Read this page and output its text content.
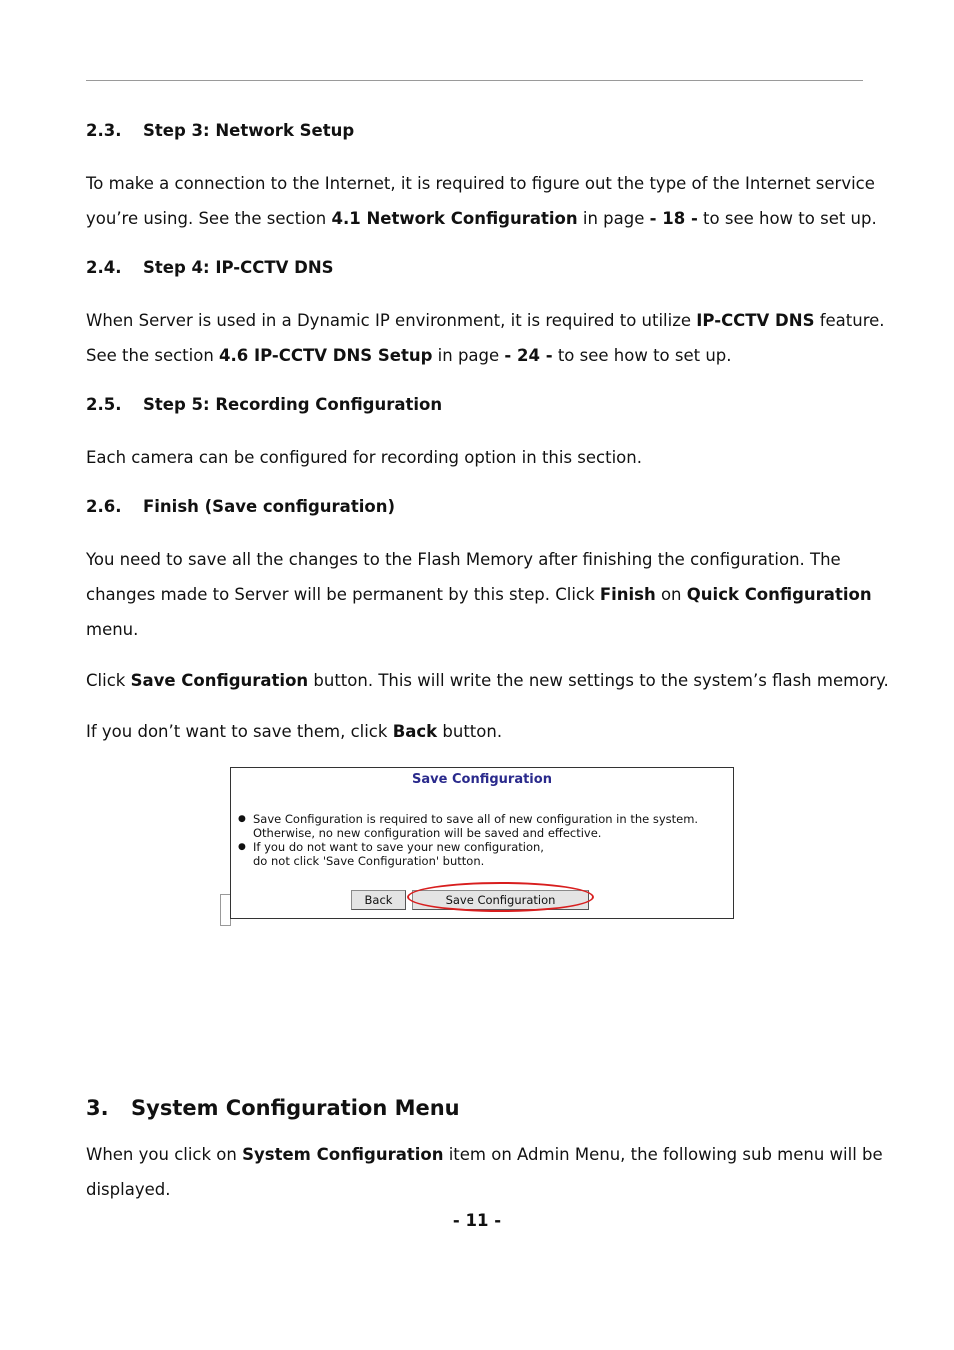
2.3. Step 3: Network Setup
To make a connection to the Internet, it is required to figure out the type of the Internet service
you’re using. See the section 4.1 Network Configuration in page - 18 - to see how to set up.
2.4. Step 4: IP-CCTV DNS
When Server is used in a Dynamic IP environment, it is required to utilize IP-CCTV DNS feature.
See the section 4.6 IP-CCTV DNS Setup in page - 24 - to see how to set up.
2.5. Step 5: Recording Configuration
Each camera can be configured for recording option in this section.
2.6. Finish (Save configuration)
You need to save all the changes to the Flash Memory after finishing the configuration. The
changes made to Server will be permanent by this step. Click Finish on Quick Configuration
menu.
Click Save Configuration button. This will write the new settings to the system’s flash memory.
If you don’t want to save them, click Back button.
Save Configuration
● Save Configuration is required to save all of new configuration in the system.
Otherwise, no new configuration will be saved and effective.
● If you do not want to save your new configuration,
do not click 'Save Configuration' button.
Back	Save Configuration
3. System Configuration Menu
When you click on System Configuration item on Admin Menu, the following sub menu will be
displayed.
- 11 -
